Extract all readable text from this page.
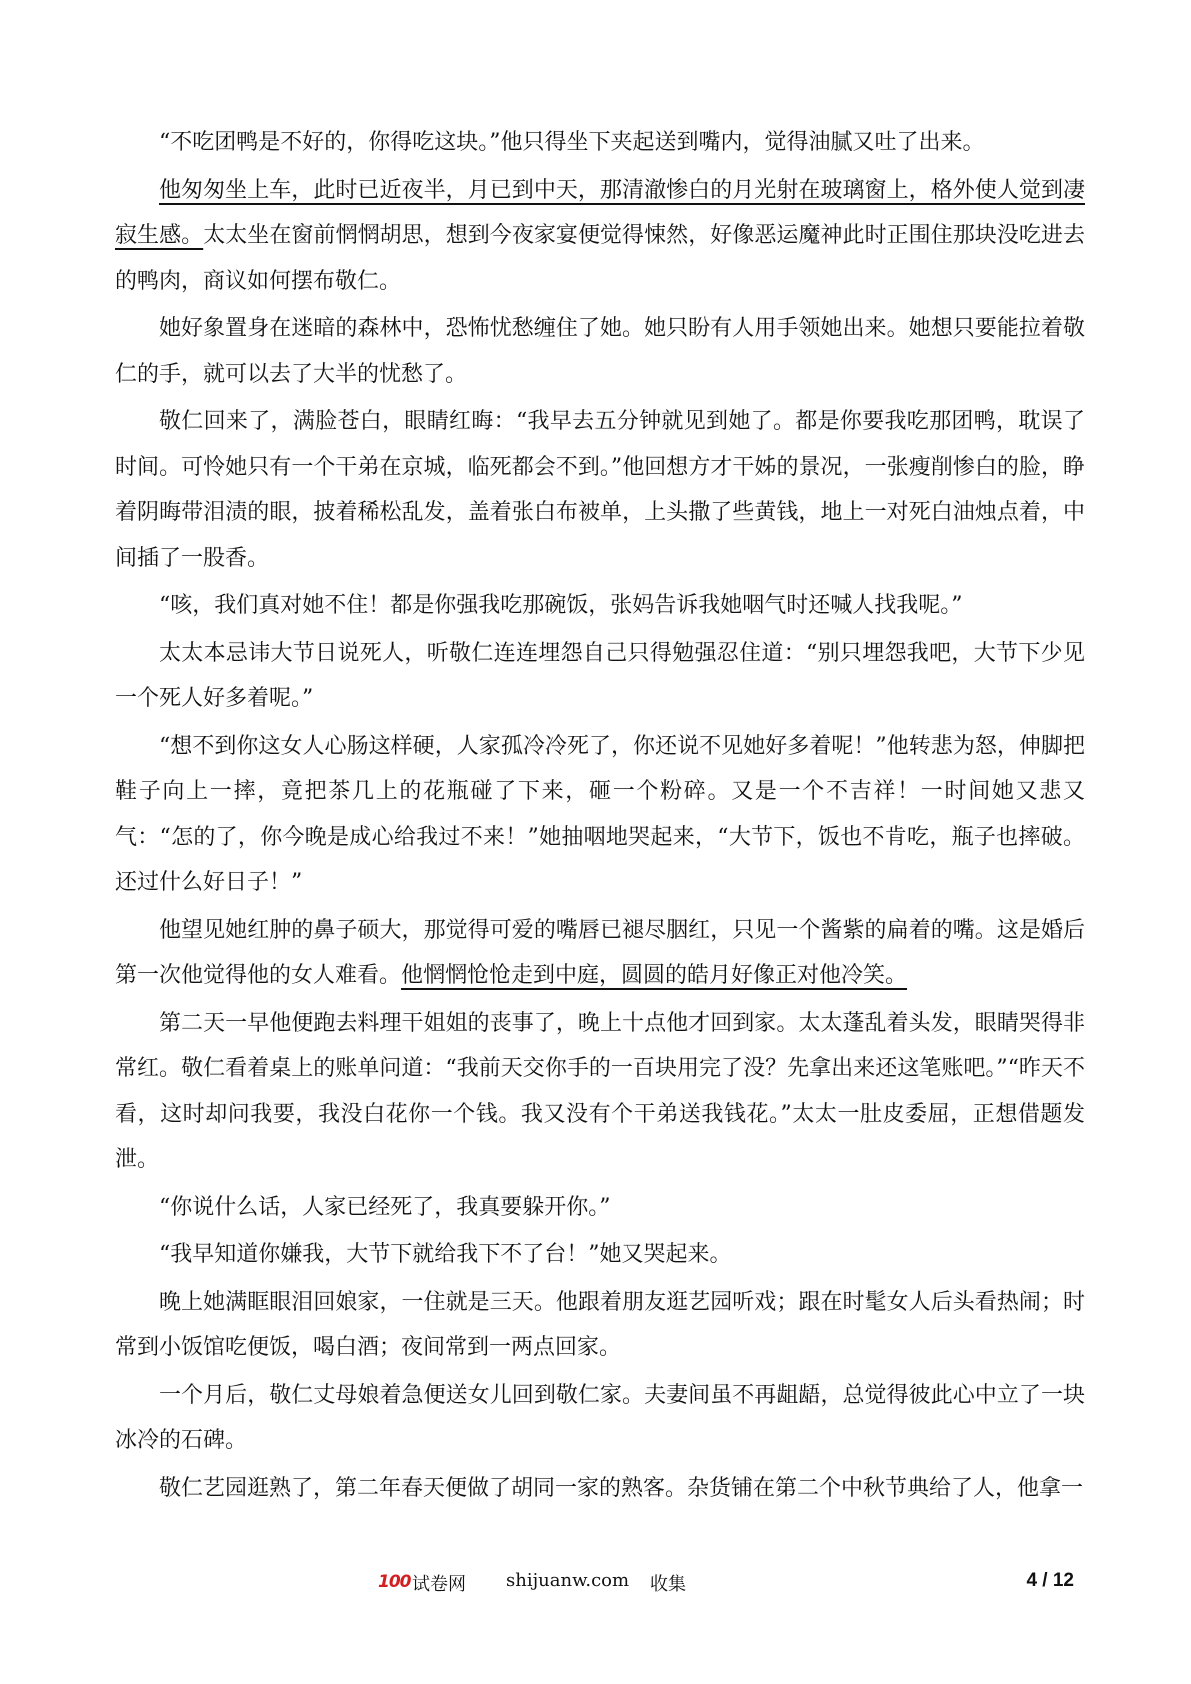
“不吃团鸭是不好的，你得吃这块。”他只得坐下夹起送到嘴内，觉得油腻又吐了出来。

他匆匆坐上车，此时已近夜半，月已到中天，那清澈惨白的月光射在玻璃窗上，格外使人觉到凄寂生感。太太坐在窗前惘惘胡思，想到今夜家宴便觉得悚然，好像恶运魔神此时正围住那块没吃进去的鸭肉，商议如何摆布敬仁。

她好象置身在迷暗的森林中，恐怖忧愁缠住了她。她只盼有人用手领她出来。她想只要能拉着敬仁的手，就可以去了大半的忧愁了。

敬仁回来了，满脸苍白，眼睛红晦：“我早去五分钟就见到她了。都是你要我吃那团鸭，耽误了时间。可怜她只有一个干弟在京城，临死都会不到。”他回想方才干姊的景况，一张瘦削惨白的脸，睁着阴晦带泪渍的眼，披着稀松乱发，盖着张白布被单，上头撒了些黄钱，地上一对死白油烛点着，中间插了一股香。

“咳，我们真对她不住！都是你强我吃那碗饭，张妈告诉我她咽气时还喊人找我呢。”

太太本忌讳大节日说死人，听敬仁连连埋怨自己只得勉强忍住道：“别只埋怨我吧，大节下少见一个死人好多着呢。”

“想不到你这女人心肠这样硬，人家孤冷冷死了，你还说不见她好多着呢！”他转悲为怒，伸脚把鞋子向上一摔，竟把茶几上的花瓶碰了下来，砸一个粉碎。又是一个不吉祥！一时间她又悲又气：“怎的了，你今晚是成心给我过不来！”她抽咽地哭起来，“大节下，饭也不肯吃，瓶子也摔破。还过什么好日子！”

他望见她红肿的鼻子硕大，那觉得可爱的嘴唇已褪尽胭红，只见一个酱紫的扁着的嘴。这是婚后第一次他觉得他的女人难看。他惘惘怆怆走到中庭，圆圆的皓月好像正对他冷笑。

第二天一早他便跑去料理干姐姐的丧事了，晚上十点他才回到家。太太蓬乱着头发，眼睛哭得非常红。敬仁看着桌上的账单问道：“我前天交你手的一百块用完了没？先拿出来还这笔账吧。”“昨天不看，这时却问我要，我没白花你一个钱。我又没有个干弟送我钱花。”太太一肚皮委屈，正想借题发泄。

“你说什么话，人家已经死了，我真要躲开你。”

“我早知道你嫌我，大节下就给我下不了台！”她又哭起来。

晚上她满眶眼泪回娘家，一住就是三天。他跟着朋友逛艺园听戏；跟在时髦女人后头看热闹；时常到小饭馆吃便饭，喝白酒；夜间常到一两点回家。

一个月后，敬仁丈母娘着急便送女儿回到敬仁家。夫妻间虽不再龃龉，总觉得彼此心中立了一块冰冷的石碑。

敬仁艺园逛熟了，第二年春天便做了胡同一家的熟客。杂货铺在第二个中秋节典给了人，他拿一

100 试卷网 shijuanw.com 收集	4 / 12
